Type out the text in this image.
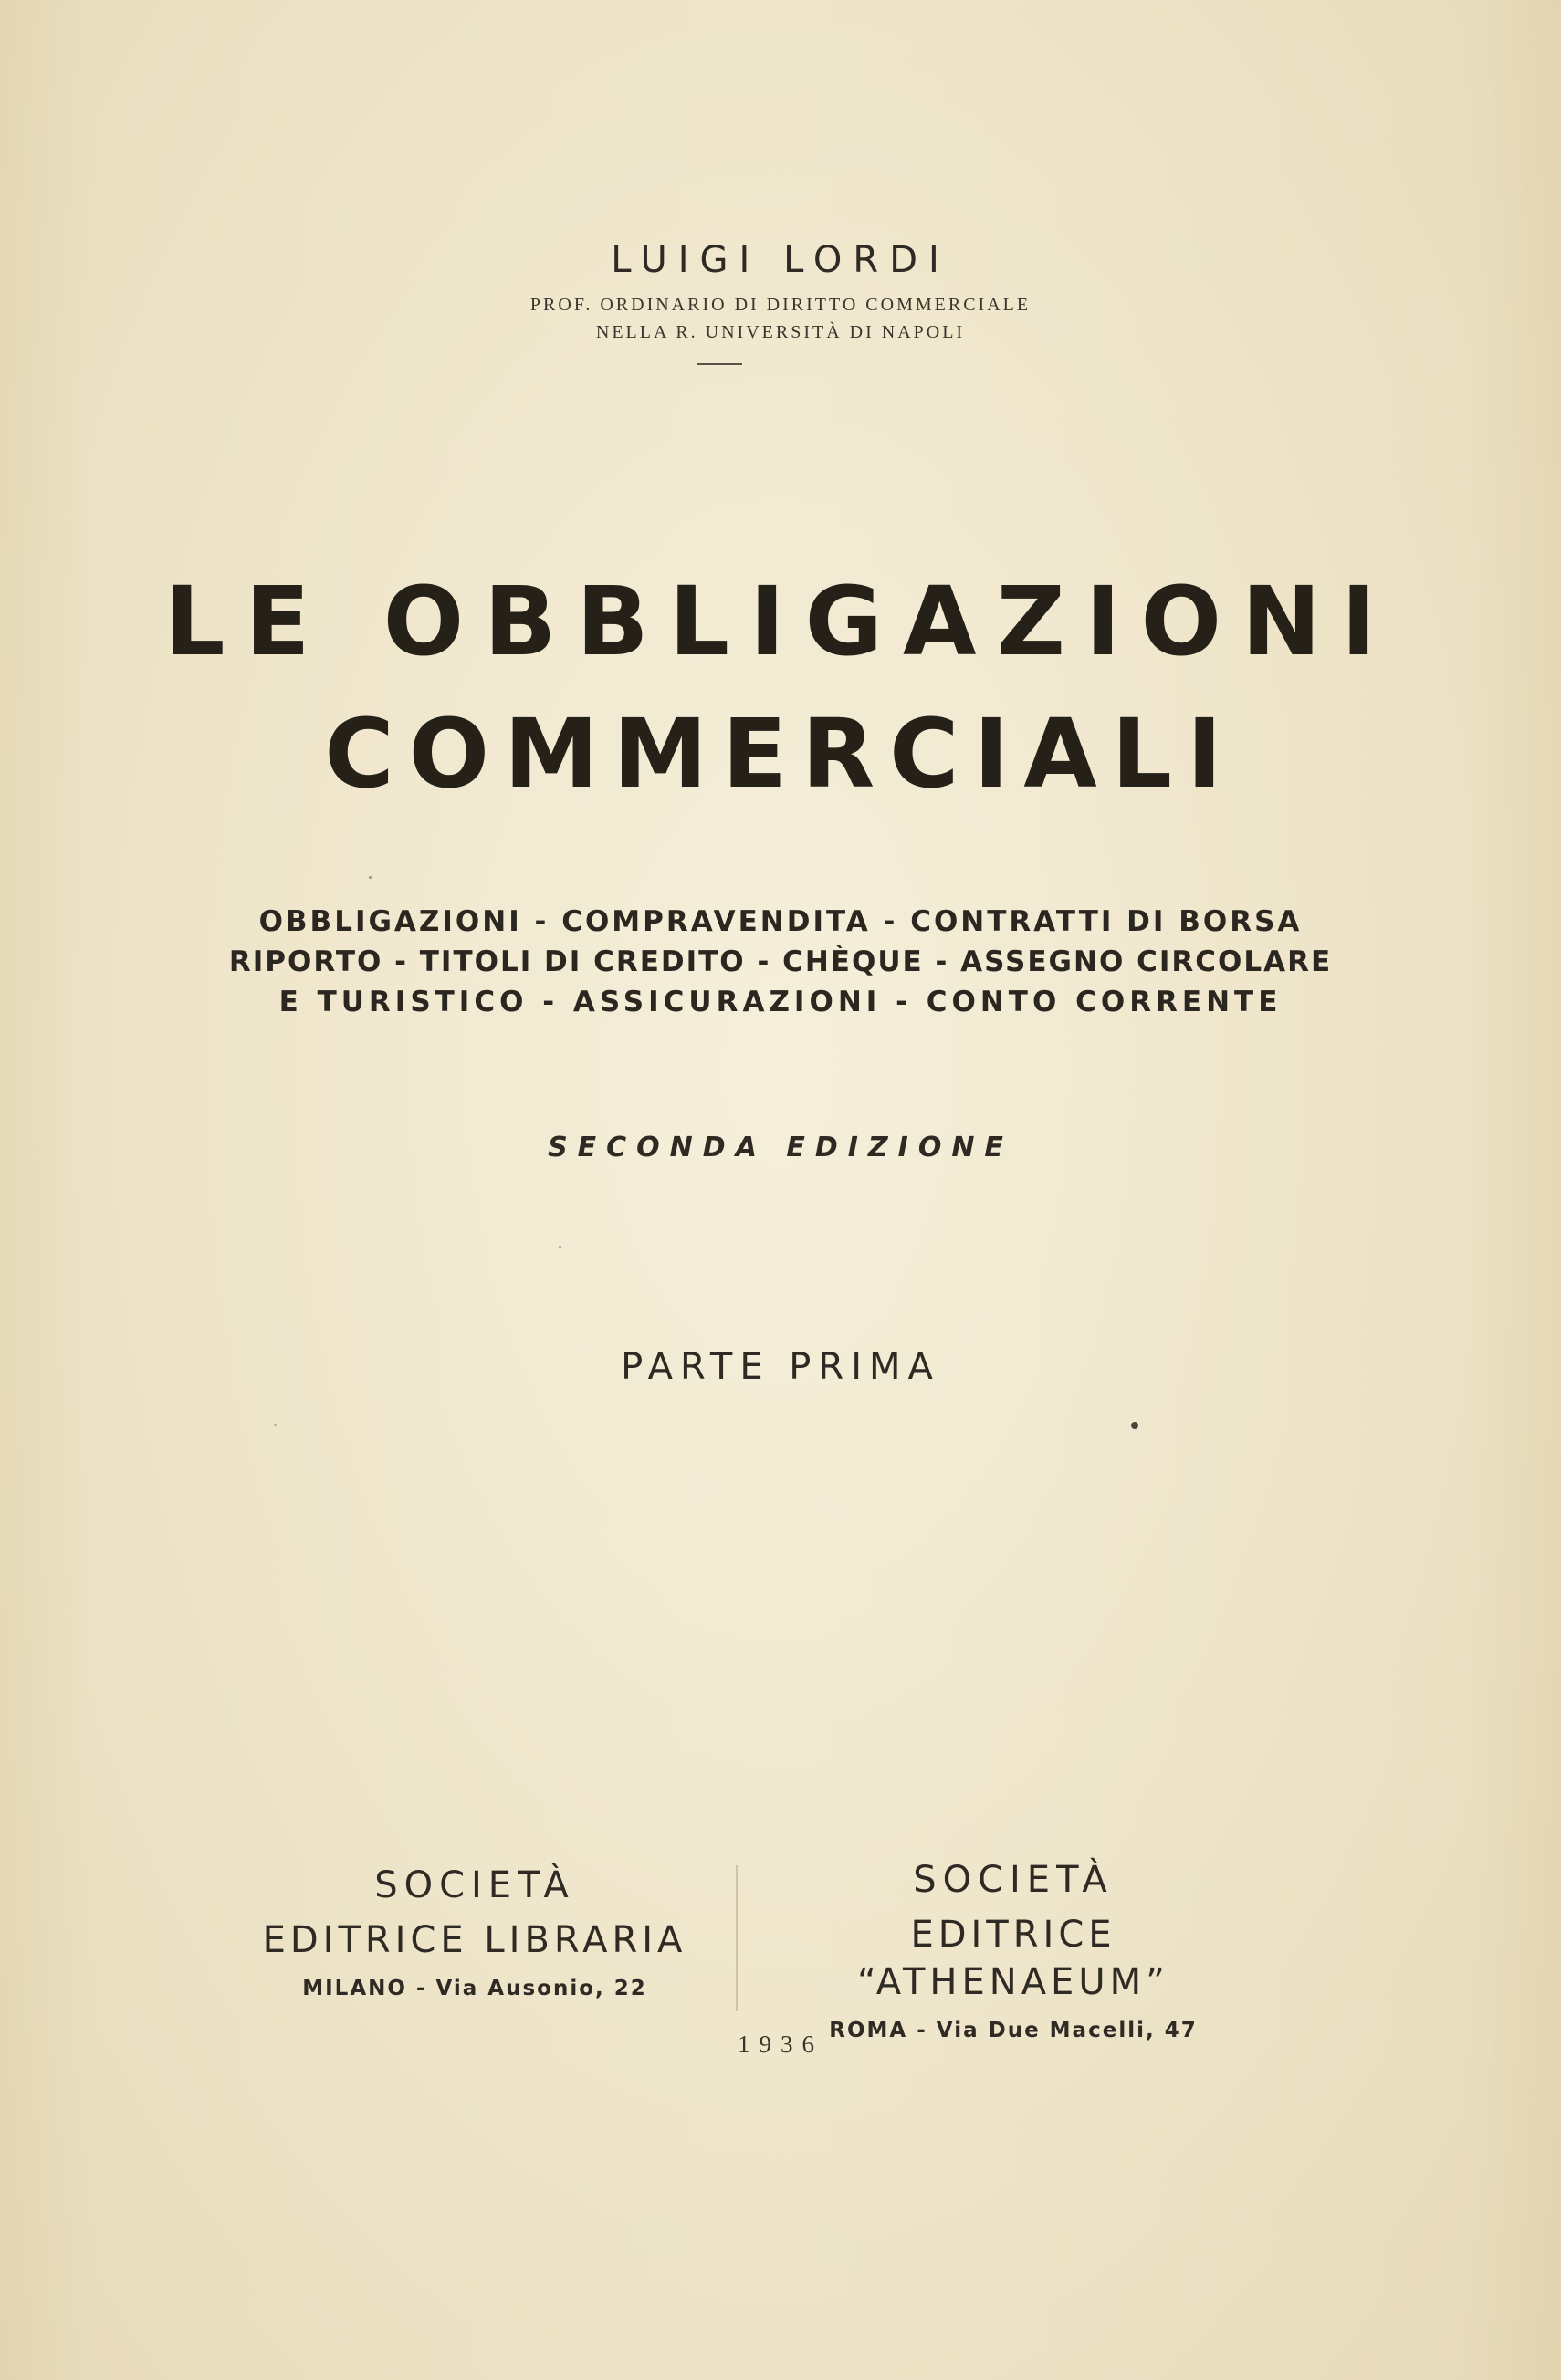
LUIGI LORDI
PROF. ORDINARIO DI DIRITTO COMMERCIALE
NELLA R. UNIVERSITÀ DI NAPOLI
LE OBBLIGAZIONI
COMMERCIALI
OBBLIGAZIONI - COMPRAVENDITA - CONTRATTI DI BORSA
RIPORTO - TITOLI DI CREDITO - CHÈQUE - ASSEGNO CIRCOLARE
E TURISTICO - ASSICURAZIONI - CONTO CORRENTE
SECONDA EDIZIONE
PARTE PRIMA
SOCIETÀ
EDITRICE LIBRARIA
MILANO - Via Ausonio, 22
SOCIETÀ
EDITRICE “ATHENAEUM”
ROMA - Via Due Macelli, 47
1936
